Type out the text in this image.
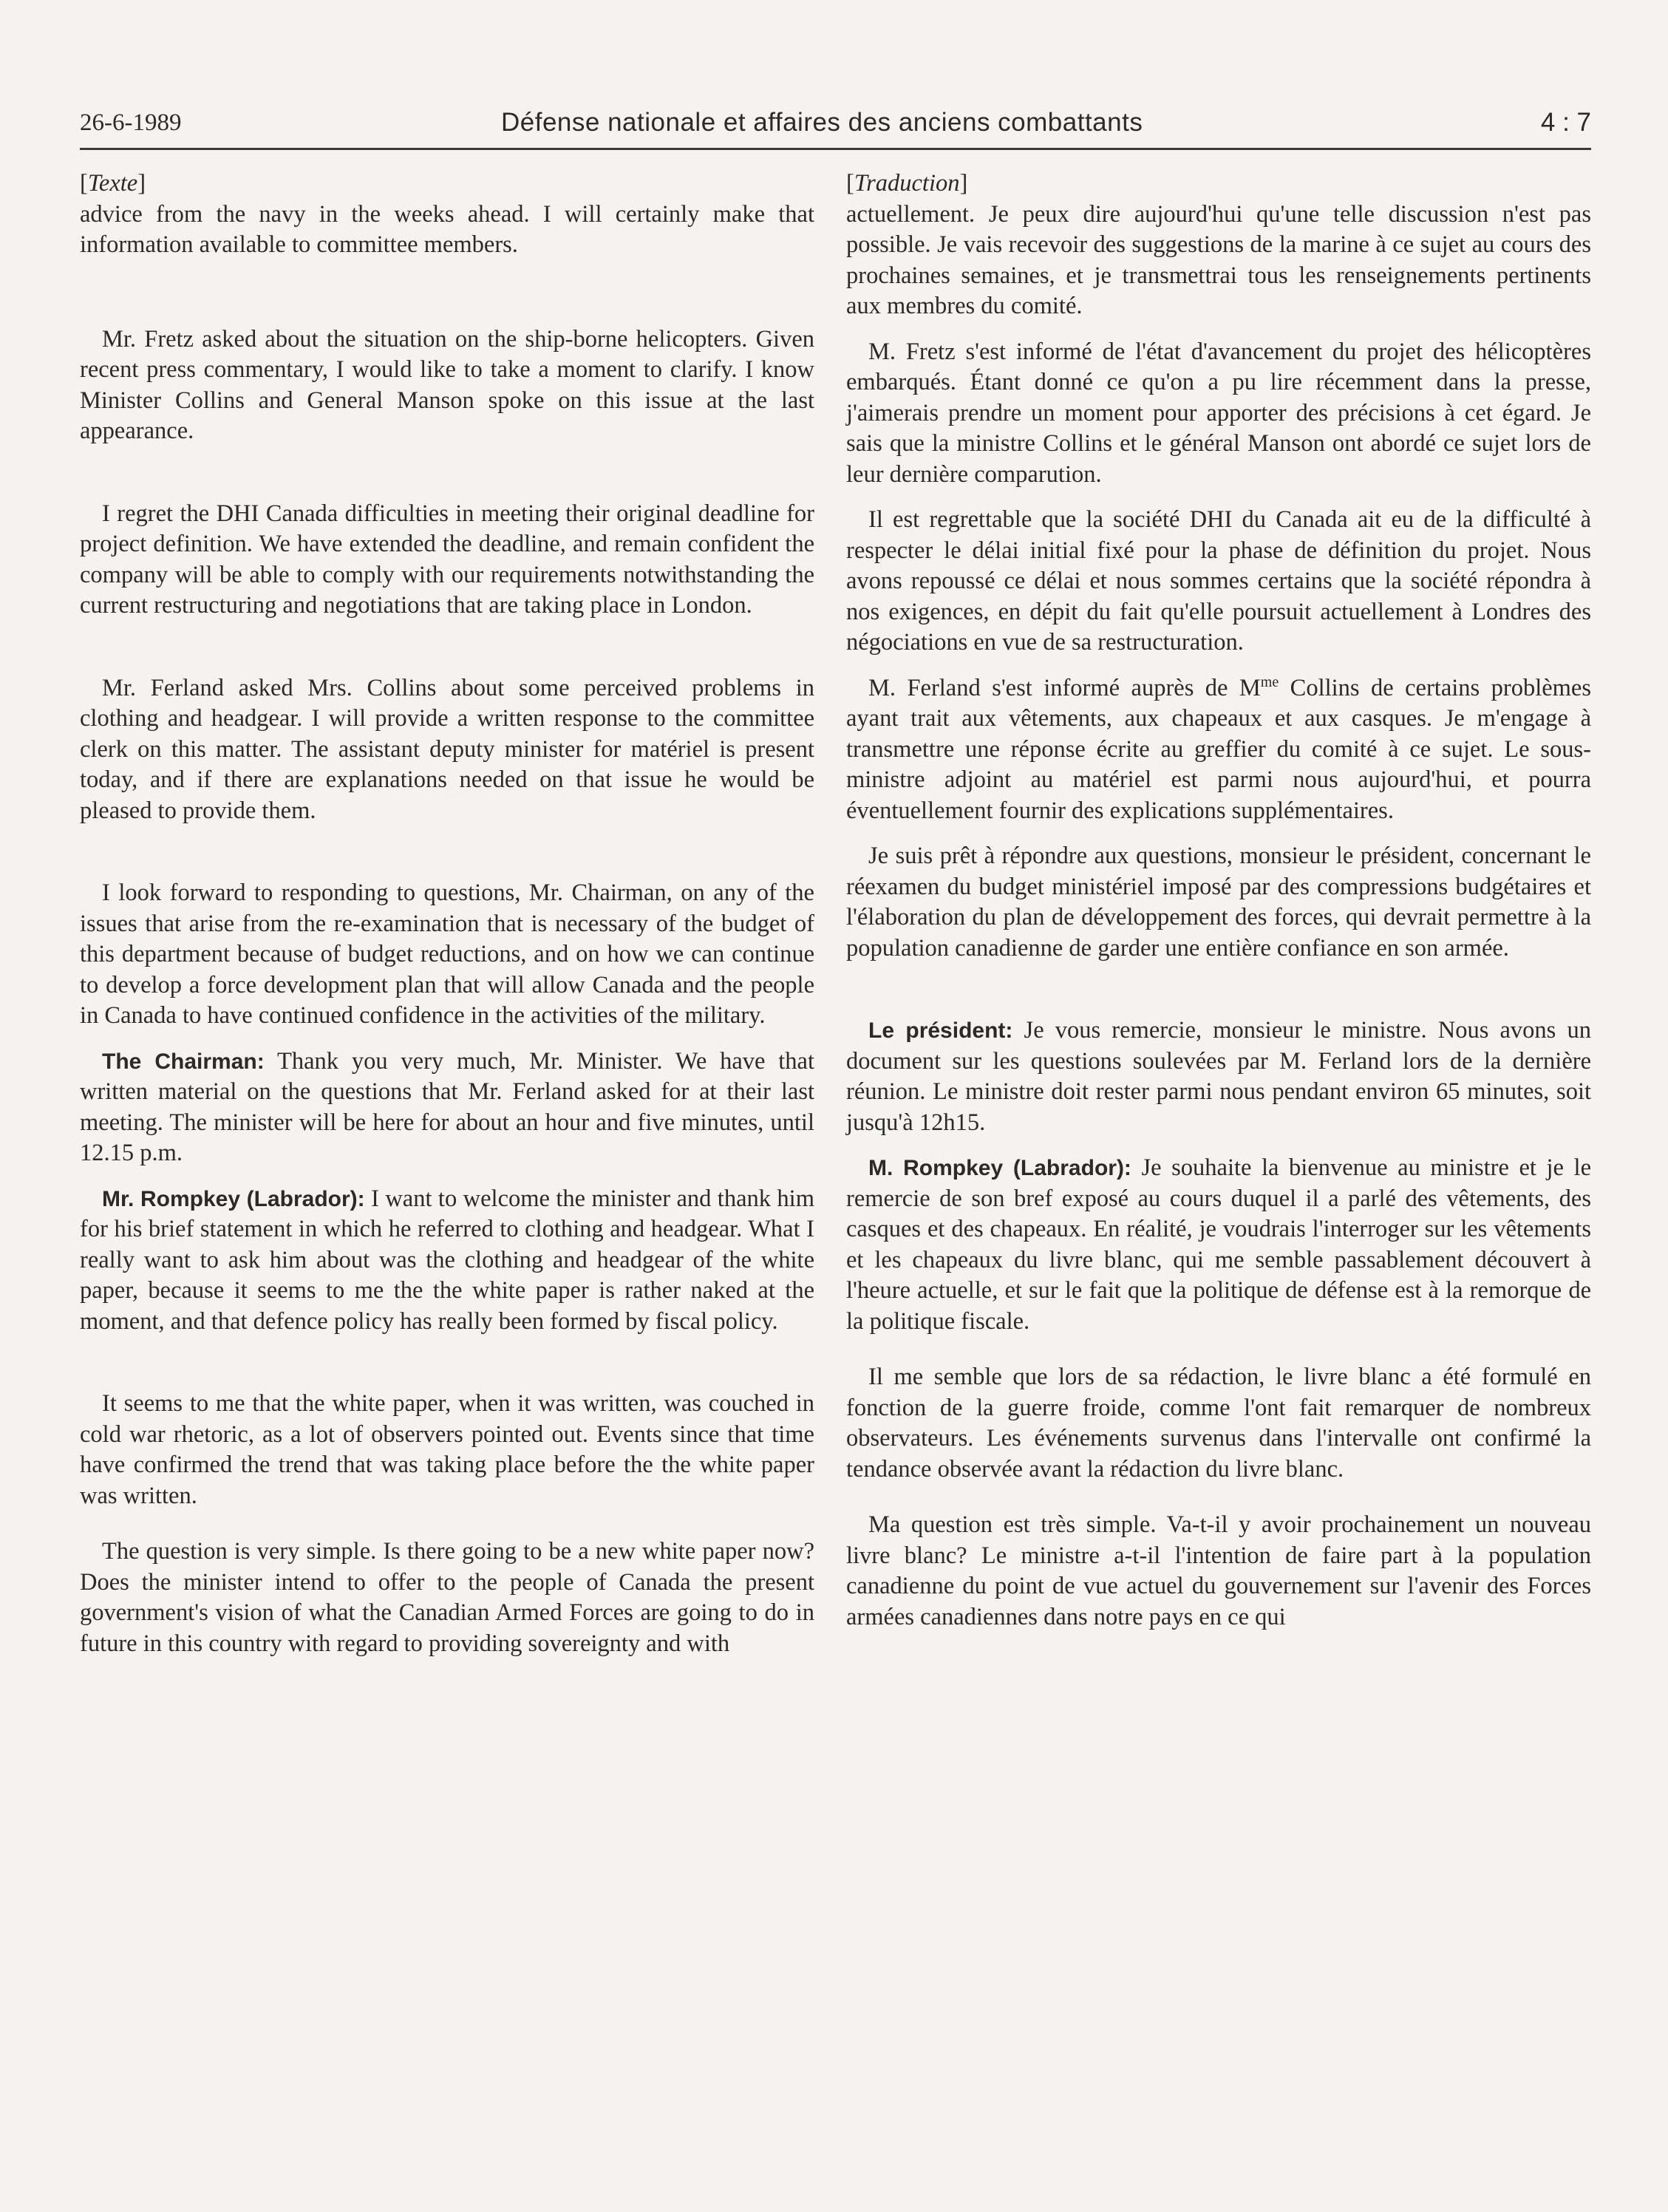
26-6-1989	Défense nationale et affaires des anciens combattants	4 : 7

[Texte]

advice from the navy in the weeks ahead. I will certainly make that information available to committee members.

Mr. Fretz asked about the situation on the ship-borne helicopters. Given recent press commentary, I would like to take a moment to clarify. I know Minister Collins and General Manson spoke on this issue at the last appearance.

I regret the DHI Canada difficulties in meeting their original deadline for project definition. We have extended the deadline, and remain confident the company will be able to comply with our requirements notwithstanding the current restructuring and negotiations that are taking place in London.

Mr. Ferland asked Mrs. Collins about some perceived problems in clothing and headgear. I will provide a written response to the committee clerk on this matter. The assistant deputy minister for matériel is present today, and if there are explanations needed on that issue he would be pleased to provide them.

I look forward to responding to questions, Mr. Chairman, on any of the issues that arise from the re-examination that is necessary of the budget of this department because of budget reductions, and on how we can continue to develop a force development plan that will allow Canada and the people in Canada to have continued confidence in the activities of the military.

The Chairman: Thank you very much, Mr. Minister. We have that written material on the questions that Mr. Ferland asked for at their last meeting. The minister will be here for about an hour and five minutes, until 12.15 p.m.

Mr. Rompkey (Labrador): I want to welcome the minister and thank him for his brief statement in which he referred to clothing and headgear. What I really want to ask him about was the clothing and headgear of the white paper, because it seems to me the the white paper is rather naked at the moment, and that defence policy has really been formed by fiscal policy.

It seems to me that the white paper, when it was written, was couched in cold war rhetoric, as a lot of observers pointed out. Events since that time have confirmed the trend that was taking place before the the white paper was written.

The question is very simple. Is there going to be a new white paper now? Does the minister intend to offer to the people of Canada the present government's vision of what the Canadian Armed Forces are going to do in future in this country with regard to providing sovereignty and with

[Traduction]

actuellement. Je peux dire aujourd'hui qu'une telle discussion n'est pas possible. Je vais recevoir des suggestions de la marine à ce sujet au cours des prochaines semaines, et je transmettrai tous les renseignements pertinents aux membres du comité.

M. Fretz s'est informé de l'état d'avancement du projet des hélicoptères embarqués. Étant donné ce qu'on a pu lire récemment dans la presse, j'aimerais prendre un moment pour apporter des précisions à cet égard. Je sais que la ministre Collins et le général Manson ont abordé ce sujet lors de leur dernière comparution.

Il est regrettable que la société DHI du Canada ait eu de la difficulté à respecter le délai initial fixé pour la phase de définition du projet. Nous avons repoussé ce délai et nous sommes certains que la société répondra à nos exigences, en dépit du fait qu'elle poursuit actuellement à Londres des négociations en vue de sa restructuration.

M. Ferland s'est informé auprès de $M^{me}$ Collins de certains problèmes ayant trait aux vêtements, aux chapeaux et aux casques. Je m'engage à transmettre une réponse écrite au greffier du comité à ce sujet. Le sous-ministre adjoint au matériel est parmi nous aujourd'hui, et pourra éventuellement fournir des explications supplémentaires.

Je suis prêt à répondre aux questions, monsieur le président, concernant le réexamen du budget ministériel imposé par des compressions budgétaires et l'élaboration du plan de développement des forces, qui devrait permettre à la population canadienne de garder une entière confiance en son armée.

Le président: Je vous remercie, monsieur le ministre. Nous avons un document sur les questions soulevées par M. Ferland lors de la dernière réunion. Le ministre doit rester parmi nous pendant environ 65 minutes, soit jusqu'à 12h15.

M. Rompkey (Labrador): Je souhaite la bienvenue au ministre et je le remercie de son bref exposé au cours duquel il a parlé des vêtements, des casques et des chapeaux. En réalité, je voudrais l'interroger sur les vêtements et les chapeaux du livre blanc, qui me semble passablement découvert à l'heure actuelle, et sur le fait que la politique de défense est à la remorque de la politique fiscale.

Il me semble que lors de sa rédaction, le livre blanc a été formulé en fonction de la guerre froide, comme l'ont fait remarquer de nombreux observateurs. Les événements survenus dans l'intervalle ont confirmé la tendance observée avant la rédaction du livre blanc.

Ma question est très simple. Va-t-il y avoir prochainement un nouveau livre blanc? Le ministre a-t-il l'intention de faire part à la population canadienne du point de vue actuel du gouvernement sur l'avenir des Forces armées canadiennes dans notre pays en ce qui
